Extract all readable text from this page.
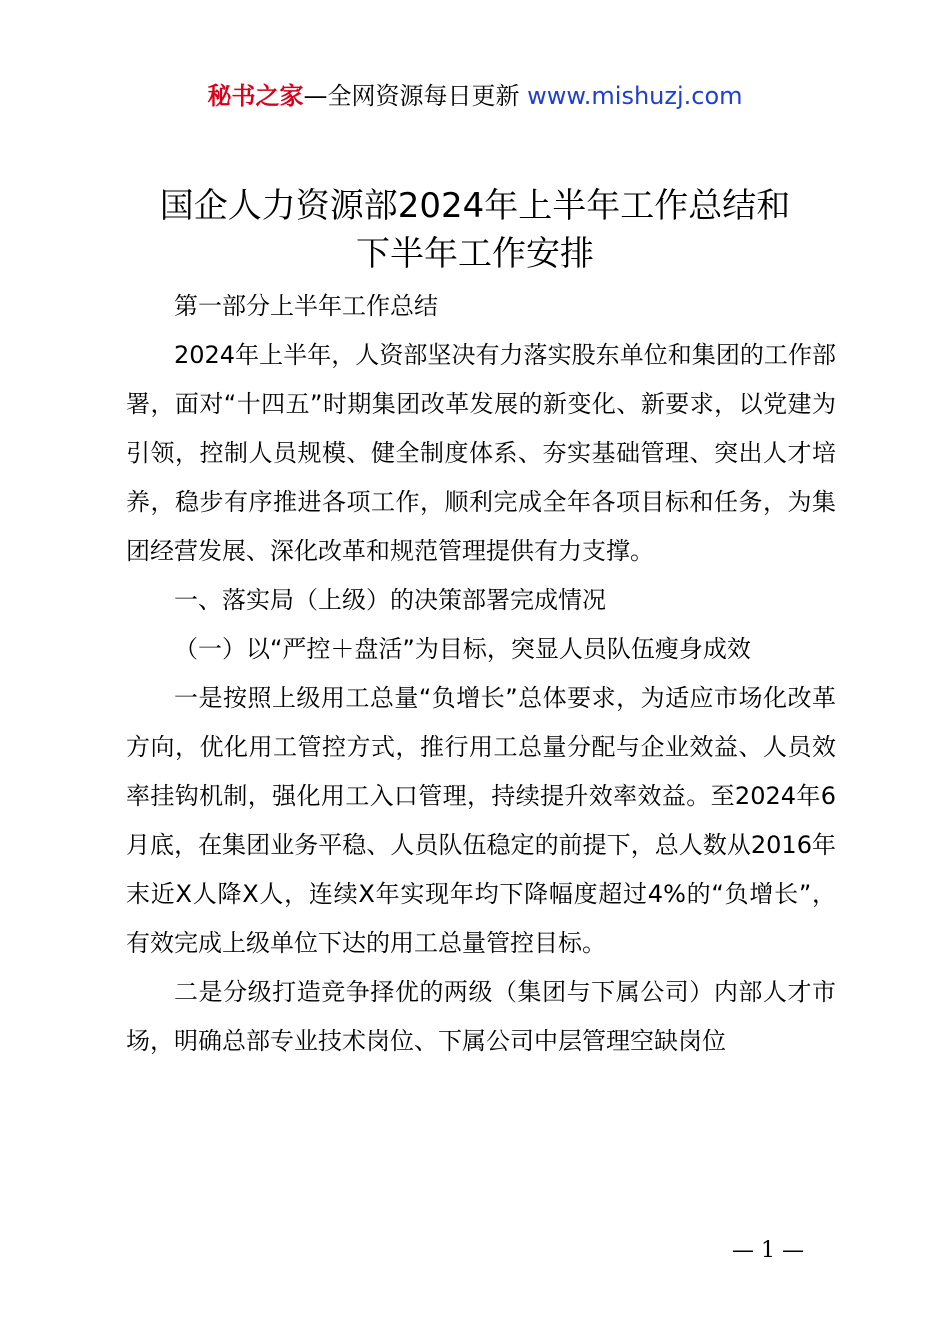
秘书之家—全网资源每日更新 www.mishuzj.com
国企人力资源部2024年上半年工作总结和
下半年工作安排

第一部分上半年工作总结

2024年上半年，人资部坚决有力落实股东单位和集团的工作部署，面对“十四五”时期集团改革发展的新变化、新要求，以党建为引领，控制人员规模、健全制度体系、夯实基础管理、突出人才培养，稳步有序推进各项工作，顺利完成全年各项目标和任务，为集团经营发展、深化改革和规范管理提供有力支撑。

一、落实局（上级）的决策部署完成情况

（一）以“严控＋盘活”为目标，突显人员队伍瘦身成效

一是按照上级用工总量“负增长”总体要求，为适应市场化改革方向，优化用工管控方式，推行用工总量分配与企业效益、人员效率挂钩机制，强化用工入口管理，持续提升效率效益。至2024年6月底，在集团业务平稳、人员队伍稳定的前提下，总人数从2016年末近X人降X人，连续X年实现年均下降幅度超过4%的“负增长”，有效完成上级单位下达的用工总量管控目标。

二是分级打造竞争择优的两级（集团与下属公司）内部人才市场，明确总部专业技术岗位、下属公司中层管理空缺岗位

— 1 —
